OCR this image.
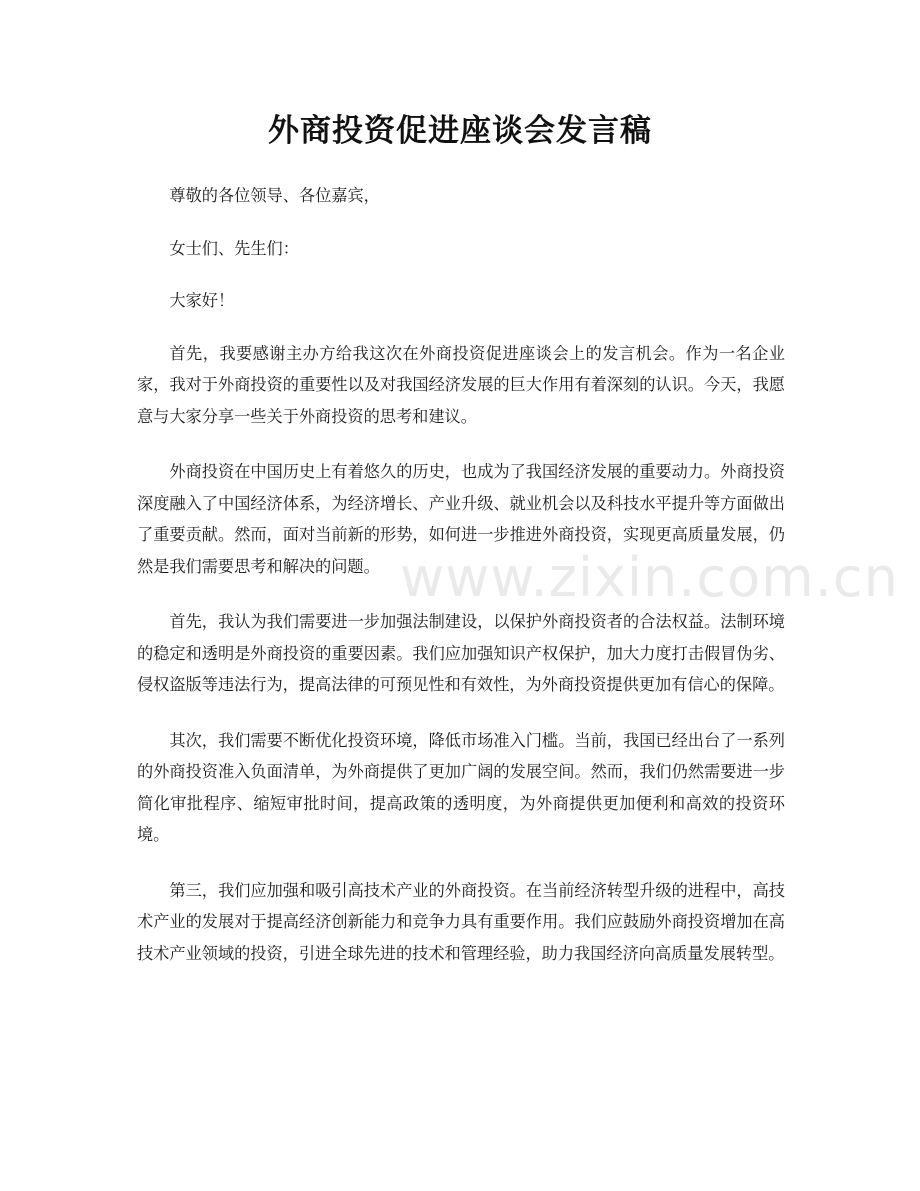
外商投资促进座谈会发言稿

尊敬的各位领导、各位嘉宾，

女士们、先生们：

大家好！

首先，我要感谢主办方给我这次在外商投资促进座谈会上的发言机会。作为一名企业家，我对于外商投资的重要性以及对我国经济发展的巨大作用有着深刻的认识。今天，我愿意与大家分享一些关于外商投资的思考和建议。

外商投资在中国历史上有着悠久的历史，也成为了我国经济发展的重要动力。外商投资深度融入了中国经济体系，为经济增长、产业升级、就业机会以及科技水平提升等方面做出了重要贡献。然而，面对当前新的形势，如何进一步推进外商投资，实现更高质量发展，仍然是我们需要思考和解决的问题。

首先，我认为我们需要进一步加强法制建设，以保护外商投资者的合法权益。法制环境的稳定和透明是外商投资的重要因素。我们应加强知识产权保护，加大力度打击假冒伪劣、侵权盗版等违法行为，提高法律的可预见性和有效性，为外商投资提供更加有信心的保障。

其次，我们需要不断优化投资环境，降低市场准入门槛。当前，我国已经出台了一系列的外商投资准入负面清单，为外商提供了更加广阔的发展空间。然而，我们仍然需要进一步简化审批程序、缩短审批时间，提高政策的透明度，为外商提供更加便利和高效的投资环境。

第三，我们应加强和吸引高技术产业的外商投资。在当前经济转型升级的进程中，高技术产业的发展对于提高经济创新能力和竞争力具有重要作用。我们应鼓励外商投资增加在高技术产业领域的投资，引进全球先进的技术和管理经验，助力我国经济向高质量发展转型。

www.zixin.com.cn
